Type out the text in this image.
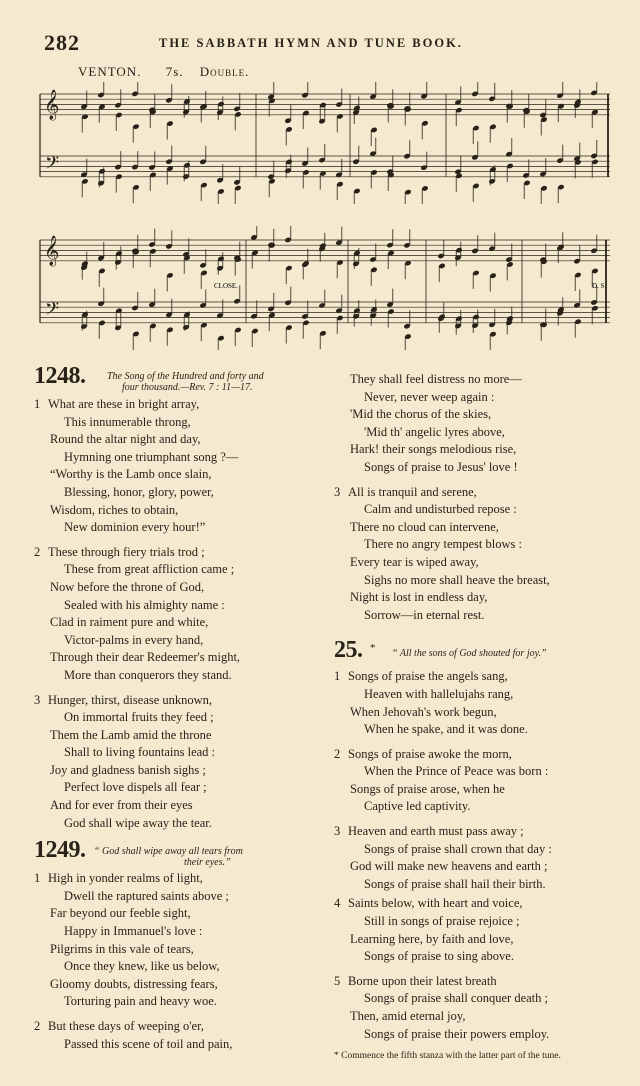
282	THE SABBATH HYMN AND TUNE BOOK.
VENTON. 7s. Double.
𝄞
𝄢
CLOSE.	D. S.
𝄞
𝄢
1248. The Song of the Hundred and forty and
four thousand.—Rev. 7 : 11—17.
1 What are these in bright array,
This innumerable throng,
Round the altar night and day,
Hymning one triumphant song ?—
“Worthy is the Lamb once slain,
Blessing, honor, glory, power,
Wisdom, riches to obtain,
New dominion every hour!”
2 These through fiery trials trod ;
These from great affliction came ;
Now before the throne of God,
Sealed with his almighty name :
Clad in raiment pure and white,
Victor-palms in every hand,
Through their dear Redeemer's might,
More than conquerors they stand.
3 Hunger, thirst, disease unknown,
On immortal fruits they feed ;
Them the Lamb amid the throne
Shall to living fountains lead :
Joy and gladness banish sighs ;
Perfect love dispels all fear ;
And for ever from their eyes
God shall wipe away the tear.
1249. “ God shall wipe away all tears from
their eyes.”
1 High in yonder realms of light,
Dwell the raptured saints above ;
Far beyond our feeble sight,
Happy in Immanuel's love :
Pilgrims in this vale of tears,
Once they knew, like us below,
Gloomy doubts, distressing fears,
Torturing pain and heavy woe.
2 But these days of weeping o'er,
Passed this scene of toil and pain,
They shall feel distress no more—
Never, never weep again :
'Mid the chorus of the skies,
'Mid th' angelic lyres above,
Hark! their songs melodious rise,
Songs of praise to Jesus' love !
3 All is tranquil and serene,
Calm and undisturbed repose :
There no cloud can intervene,
There no angry tempest blows :
Every tear is wiped away,
Sighs no more shall heave the breast,
Night is lost in endless day,
Sorrow—in eternal rest.
25. * “ All the sons of God shouted for joy.”
1 Songs of praise the angels sang,
Heaven with hallelujahs rang,
When Jehovah's work begun,
When he spake, and it was done.
2 Songs of praise awoke the morn,
When the Prince of Peace was born :
Songs of praise arose, when he
Captive led captivity.
3 Heaven and earth must pass away ;
Songs of praise shall crown that day :
God will make new heavens and earth ;
Songs of praise shall hail their birth.
4 Saints below, with heart and voice,
Still in songs of praise rejoice ;
Learning here, by faith and love,
Songs of praise to sing above.
5 Borne upon their latest breath
Songs of praise shall conquer death ;
Then, amid eternal joy,
Songs of praise their powers employ.
* Commence the fifth stanza with the latter part of the tune.
